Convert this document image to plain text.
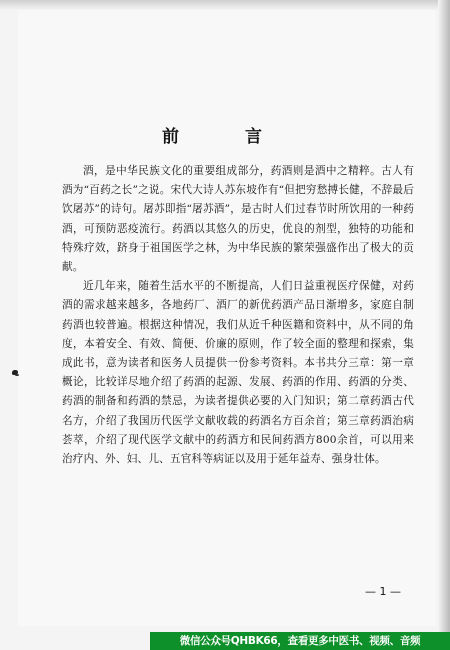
前 言

酒，是中华民族文化的重要组成部分，药酒则是酒中之精粹。古人有酒为“百药之长”之说。宋代大诗人苏东坡作有“但把穷愁搏长健，不辞最后饮屠苏”的诗句。屠苏即指“屠苏酒”，是古时人们过春节时所饮用的一种药酒，可预防恶疫流行。药酒以其悠久的历史，优良的剂型，独特的功能和特殊疗效，跻身于祖国医学之林，为中华民族的繁荣强盛作出了极大的贡献。

近几年来，随着生活水平的不断提高，人们日益重视医疗保健，对药酒的需求越来越多，各地药厂、酒厂的新优药酒产品日渐增多，家庭自制药酒也较普遍。根据这种情况，我们从近千种医籍和资料中，从不同的角度，本着安全、有效、简便、价廉的原则，作了较全面的整理和探索，集成此书，意为读者和医务人员提供一份参考资料。本书共分三章：第一章概论，比较详尽地介绍了药酒的起源、发展、药酒的作用、药酒的分类、药酒的制备和药酒的禁忌，为读者提供必要的入门知识；第二章药酒古代名方，介绍了我国历代医学文献收载的药酒名方百余首；第三章药酒治病荟萃，介绍了现代医学文献中的药酒方和民间药酒方800余首，可以用来治疗内、外、妇、儿、五官科等病证以及用于延年益寿、强身壮体。

— 1 —
微信公众号QHBK66，查看更多中医书、视频、音频
